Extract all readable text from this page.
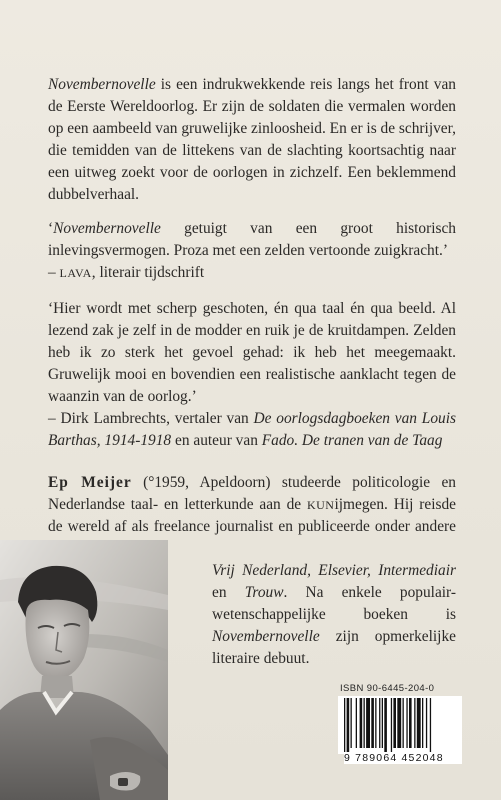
Novembernovelle is een indrukwekkende reis langs het front van de Eerste Wereldoorlog. Er zijn de soldaten die vermalen worden op een aambeeld van gruwelijke zinloosheid. En er is de schrijver, die temidden van de littekens van de slachting koortsachtig naar een uitweg zoekt voor de oorlogen in zichzelf. Een beklemmend dubbelverhaal.

‘Novembernovelle getuigt van een groot historisch inlevingsvermogen. Proza met een zelden vertoonde zuigkracht.’

– LAVA, literair tijdschrift

‘Hier wordt met scherp geschoten, én qua taal én qua beeld. Al lezend zak je zelf in de modder en ruik je de kruitdampen. Zelden heb ik zo sterk het gevoel gehad: ik heb het meegemaakt. Gruwelijk mooi en bovendien een realistische aanklacht tegen de waanzin van de oorlog.’

– Dirk Lambrechts, vertaler van De oorlogsdagboeken van Louis Barthas, 1914-1918 en auteur van Fado. De tranen van de Taag

Ep Meijer (°1959, Apeldoorn) studeerde politicologie en Nederlandse taal- en letterkunde aan de KUNijmegen. Hij reisde de wereld af als freelance journalist en publiceerde onder andere

Vrij Nederland, Elsevier, Intermediair en Trouw. Na enkele populair-wetenschappelijke boeken is Novembernovelle zijn opmerkelijke literaire debuut.

ISBN 90-6445-204-0
9 789064 452048
